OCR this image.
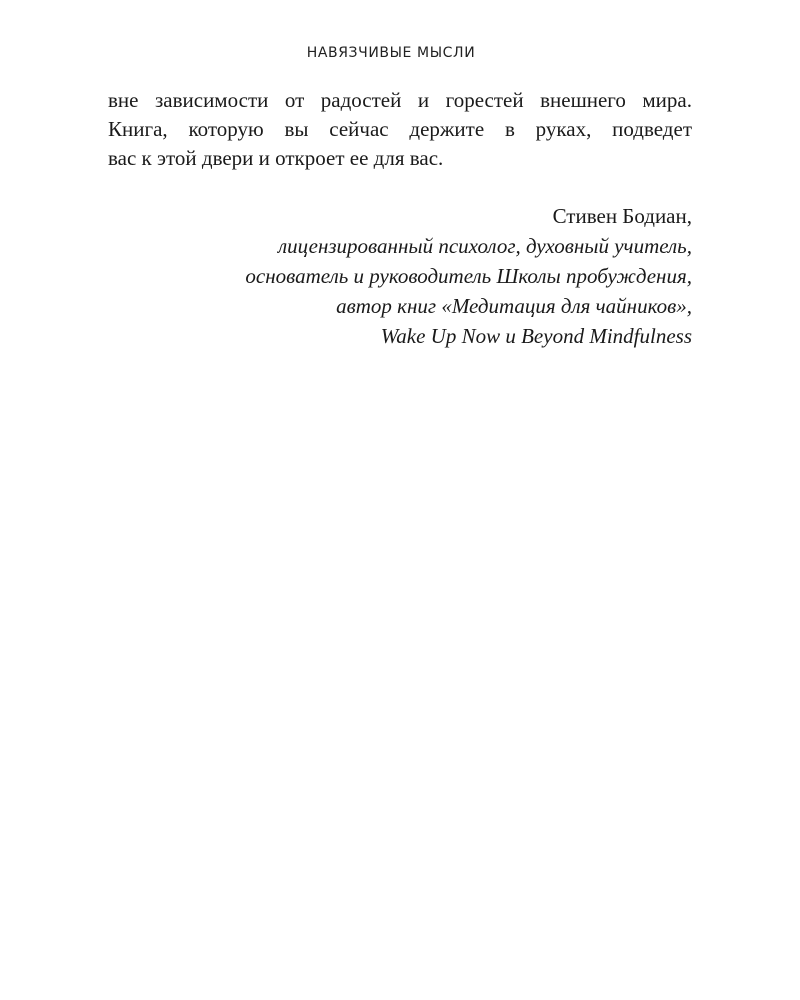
НАВЯЗЧИВЫЕ МЫСЛИ
вне зависимости от радостей и горестей внешнего мира.
Книга, которую вы сейчас держите в руках, подведет
вас к этой двери и откроет ее для вас.
Стивен Бодиан,
лицензированный психолог, духовный учитель,
основатель и руководитель Школы пробуждения,
автор книг «Медитация для чайников»,
Wake Up Now и Beyond Mindfulness
